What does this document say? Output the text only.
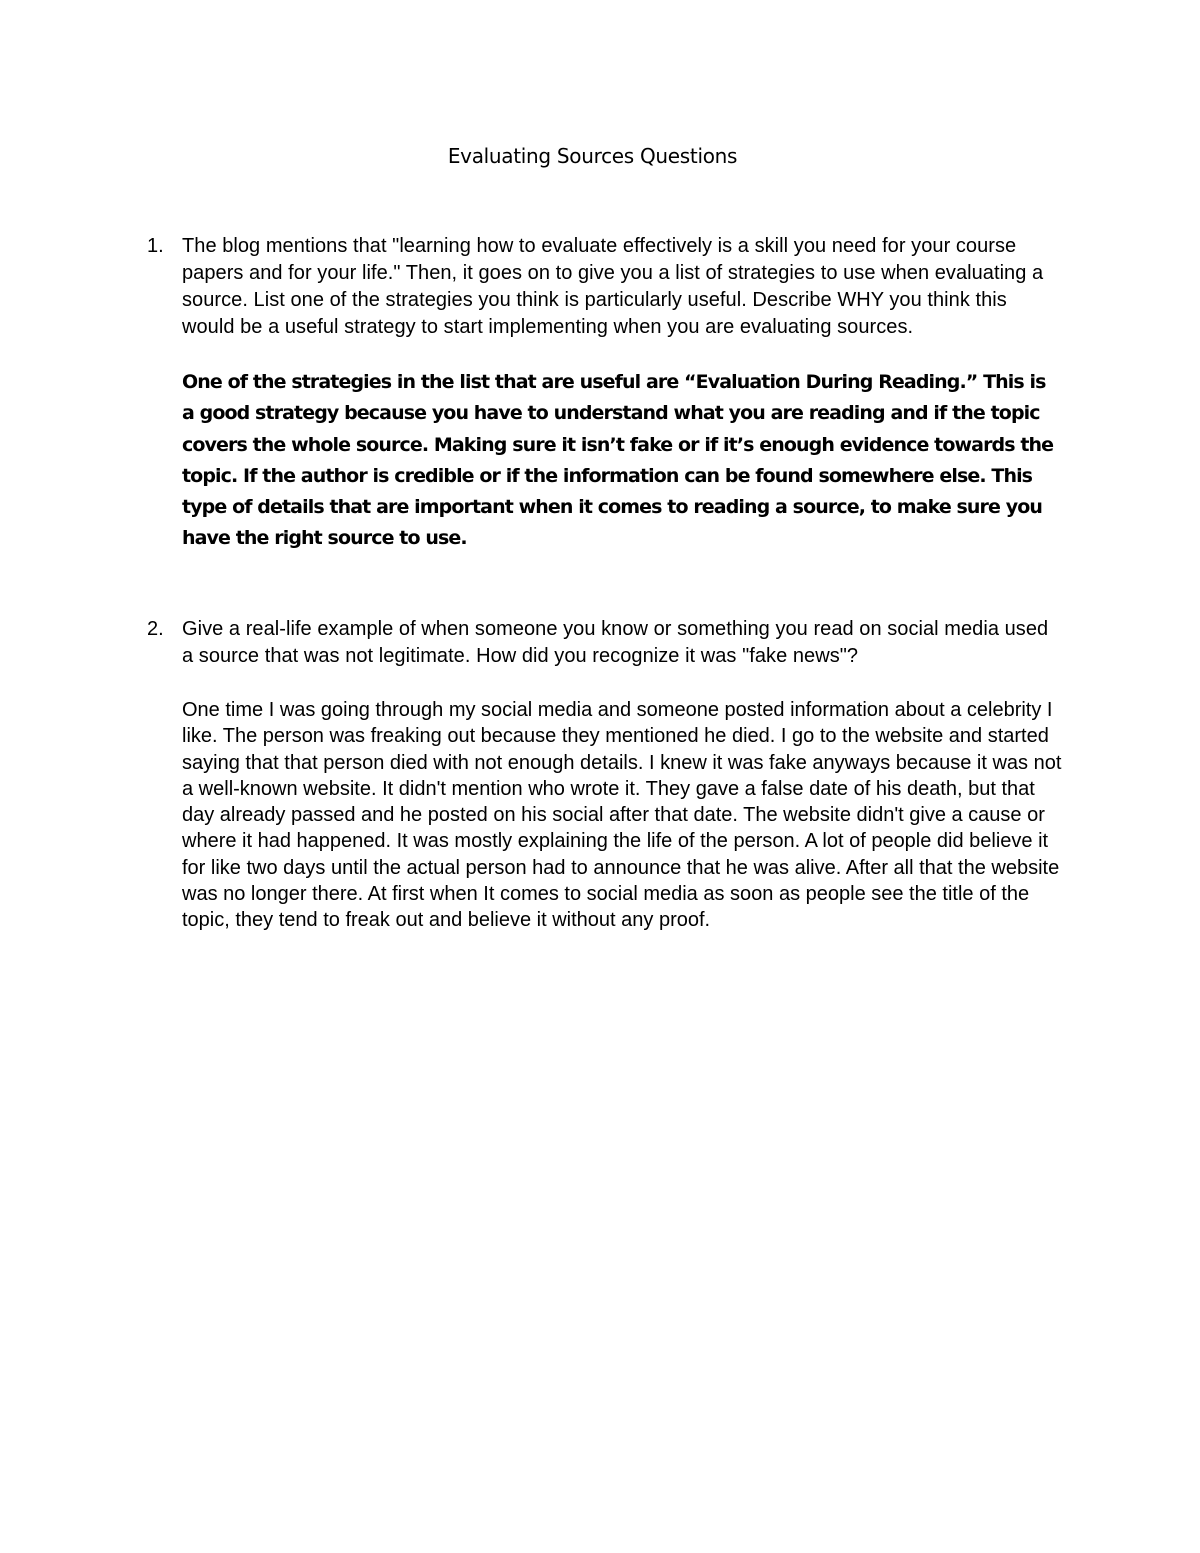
Evaluating Sources Questions
1. The blog mentions that "learning how to evaluate effectively is a skill you need for your course papers and for your life." Then, it goes on to give you a list of strategies to use when evaluating a source. List one of the strategies you think is particularly useful. Describe WHY you think this would be a useful strategy to start implementing when you are evaluating sources.
One of the strategies in the list that are useful are “Evaluation During Reading.” This is a good strategy because you have to understand what you are reading and if the topic covers the whole source. Making sure it isn’t fake or if it’s enough evidence towards the topic. If the author is credible or if the information can be found somewhere else. This type of details that are important when it comes to reading a source, to make sure you have the right source to use.
2. Give a real-life example of when someone you know or something you read on social media used a source that was not legitimate. How did you recognize it was "fake news"?
One time I was going through my social media and someone posted information about a celebrity I like. The person was freaking out because they mentioned he died. I go to the website and started saying that that person died with not enough details. I knew it was fake anyways because it was not a well-known website. It didn't mention who wrote it. They gave a false date of his death, but that day already passed and he posted on his social after that date. The website didn't give a cause or where it had happened. It was mostly explaining the life of the person. A lot of people did believe it for like two days until the actual person had to announce that he was alive. After all that the website was no longer there. At first when It comes to social media as soon as people see the title of the topic, they tend to freak out and believe it without any proof.
